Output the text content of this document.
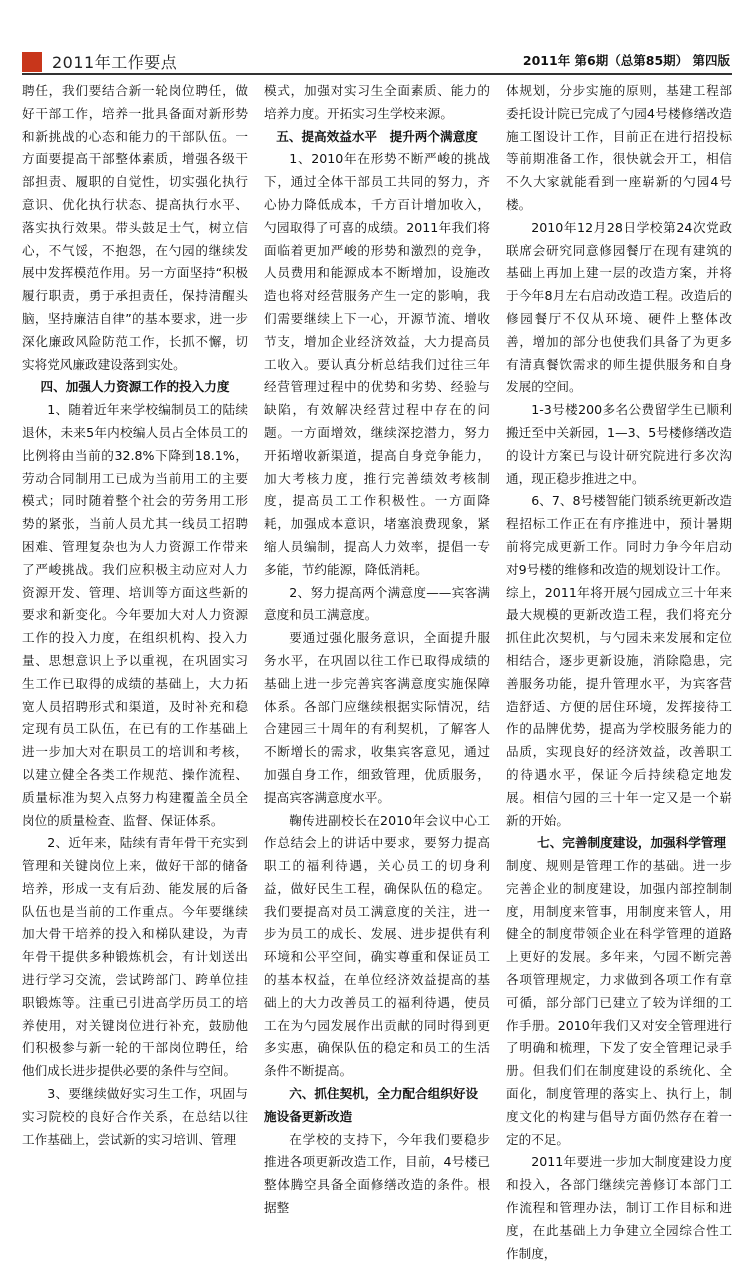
2011年工作要点	2011年 第6期（总第85期） 第四版

聘任，我们要结合新一轮岗位聘任，做好干部工作，培养一批具备面对新形势和新挑战的心态和能力的干部队伍。一方面要提高干部整体素质，增强各级干部担责、履职的自觉性，切实强化执行意识、优化执行状态、提高执行水平、落实执行效果。带头鼓足士气，树立信心，不气馁，不抱怨，在勺园的继续发展中发挥模范作用。另一方面坚持“积极履行职责，勇于承担责任，保持清醒头脑，坚持廉洁自律”的基本要求，进一步深化廉政风险防范工作，长抓不懈，切实将党风廉政建设落到实处。

四、加强人力资源工作的投入力度

1、随着近年来学校编制员工的陆续退休，未来5年内校编人员占全体员工的比例将由当前的32.8%下降到18.1%，劳动合同制用工已成为当前用工的主要模式；同时随着整个社会的劳务用工形势的紧张，当前人员尤其一线员工招聘困难、管理复杂也为人力资源工作带来了严峻挑战。我们应积极主动应对人力资源开发、管理、培训等方面这些新的要求和新变化。今年要加大对人力资源工作的投入力度，在组织机构、投入力量、思想意识上予以重视，在巩固实习生工作已取得的成绩的基础上，大力拓宽人员招聘形式和渠道，及时补充和稳定现有员工队伍，在已有的工作基础上进一步加大对在职员工的培训和考核，以建立健全各类工作规范、操作流程、质量标准为契入点努力构建覆盖全员全岗位的质量检查、监督、保证体系。

2、近年来，陆续有青年骨干充实到管理和关键岗位上来，做好干部的储备培养，形成一支有后劲、能发展的后备队伍也是当前的工作重点。今年要继续加大骨干培养的投入和梯队建设，为青年骨干提供多种锻炼机会，有计划送出进行学习交流，尝试跨部门、跨单位挂职锻炼等。注重已引进高学历员工的培养使用，对关键岗位进行补充，鼓励他们积极参与新一轮的干部岗位聘任，给他们成长进步提供必要的条件与空间。

3、要继续做好实习生工作，巩固与实习院校的良好合作关系，在总结以往工作基础上，尝试新的实习培训、管理

模式，加强对实习生全面素质、能力的培养力度。开拓实习生学校来源。

五、提高效益水平　提升两个满意度

1、2010年在形势不断严峻的挑战下，通过全体干部员工共同的努力，齐心协力降低成本，千方百计增加收入，勺园取得了可喜的成绩。2011年我们将面临着更加严峻的形势和激烈的竞争，人员费用和能源成本不断增加，设施改造也将对经营服务产生一定的影响，我们需要继续上下一心，开源节流、增收节支，增加企业经济效益，大力提高员工收入。要认真分析总结我们过往三年经营管理过程中的优势和劣势、经验与缺陷，有效解决经营过程中存在的问题。一方面增效，继续深挖潜力，努力开拓增收新渠道，提高自身竞争能力，加大考核力度，推行完善绩效考核制度，提高员工工作积极性。一方面降耗，加强成本意识，堵塞浪费现象，紧缩人员编制，提高人力效率，提倡一专多能，节约能源，降低消耗。

2、努力提高两个满意度——宾客满意度和员工满意度。

要通过强化服务意识，全面提升服务水平，在巩固以往工作已取得成绩的基础上进一步完善宾客满意度实施保障体系。各部门应继续根据实际情况，结合建园三十周年的有利契机，了解客人不断增长的需求，收集宾客意见，通过加强自身工作，细致管理，优质服务，提高宾客满意度水平。

鞠传进副校长在2010年会议中心工作总结会上的讲话中要求，要努力提高职工的福利待遇，关心员工的切身利益，做好民生工程，确保队伍的稳定。我们要提高对员工满意度的关注，进一步为员工的成长、发展、进步提供有利环境和公平空间，确实尊重和保证员工的基本权益，在单位经济效益提高的基础上的大力改善员工的福利待遇，使员工在为勺园发展作出贡献的同时得到更多实惠，确保队伍的稳定和员工的生活条件不断提高。

六、抓住契机，全力配合组织好设施设备更新改造

在学校的支持下，今年我们要稳步推进各项更新改造工作，目前，4号楼已整体腾空具备全面修缮改造的条件。根据整

体规划，分步实施的原则，基建工程部委托设计院已完成了勺园4号楼修缮改造施工图设计工作，目前正在进行招投标等前期准备工作，很快就会开工，相信不久大家就能看到一座崭新的勺园4号楼。

2010年12月28日学校第24次党政联席会研究同意修园餐厅在现有建筑的基础上再加上建一层的改造方案，并将于今年8月左右启动改造工程。改造后的修园餐厅不仅从环境、硬件上整体改善，增加的部分也使我们具备了为更多有清真餐饮需求的师生提供服务和自身发展的空间。

1-3号楼200多名公费留学生已顺利搬迁至中关新园，1—3、5号楼修缮改造的设计方案已与设计研究院进行多次沟通，现正稳步推进之中。

6、7、8号楼智能门锁系统更新改造程招标工作正在有序推进中，预计暑期前将完成更新工作。同时力争今年启动对9号楼的维修和改造的规划设计工作。

综上，2011年将开展勺园成立三十年来最大规模的更新改造工程，我们将充分抓住此次契机，与勺园未来发展和定位相结合，逐步更新设施，消除隐患，完善服务功能，提升管理水平，为宾客营造舒适、方便的居住环境，发挥接待工作的品牌优势，提高为学校服务能力的品质，实现良好的经济效益，改善职工的待遇水平，保证今后持续稳定地发展。相信勺园的三十年一定又是一个崭新的开始。

七、完善制度建设，加强科学管理

制度、规则是管理工作的基础。进一步完善企业的制度建设，加强内部控制制度，用制度来管事，用制度来管人，用健全的制度带领企业在科学管理的道路上更好的发展。多年来，勺园不断完善各项管理规定，力求做到各项工作有章可循，部分部门已建立了较为详细的工作手册。2010年我们又对安全管理进行了明确和梳理，下发了安全管理记录手册。但我们们在制度建设的系统化、全面化，制度管理的落实上、执行上，制度文化的构建与倡导方面仍然存在着一定的不足。

2011年要进一步加大制度建设力度和投入，各部门继续完善修订本部门工作流程和管理办法，制订工作目标和进度，在此基础上力争建立全园综合性工作制度，
